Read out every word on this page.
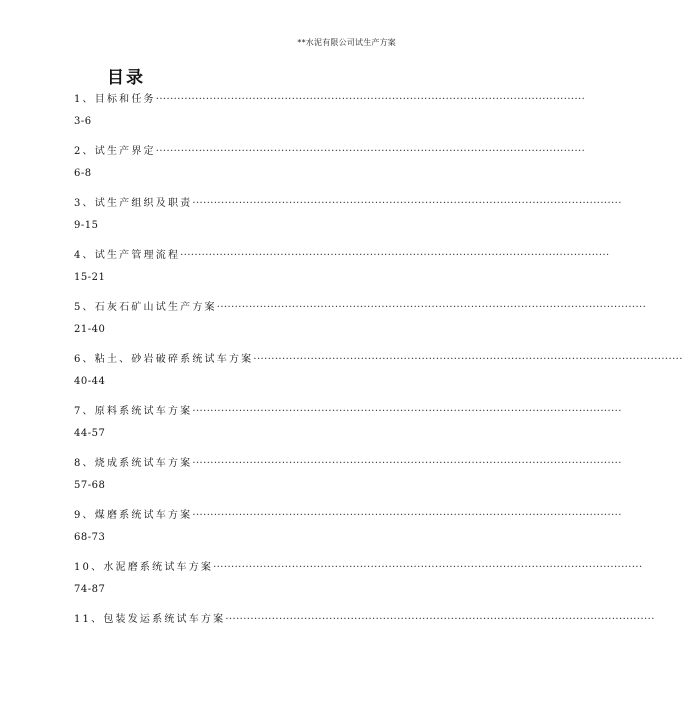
**水泥有限公司试生产方案
目录
1、目标和任务 ························································································································
3-6
2、试生产界定 ························································································································
6-8
3、试生产组织及职责 ························································································································
9-15
4、试生产管理流程 ························································································································
15-21
5、石灰石矿山试生产方案 ························································································································
21-40
6、粘土、砂岩破碎系统试车方案 ························································································································
40-44
7、原料系统试车方案 ························································································································
44-57
8、烧成系统试车方案 ························································································································
57-68
9、煤磨系统试车方案 ························································································································
68-73
10、水泥磨系统试车方案 ························································································································
74-87
11、包装发运系统试车方案 ························································································································
